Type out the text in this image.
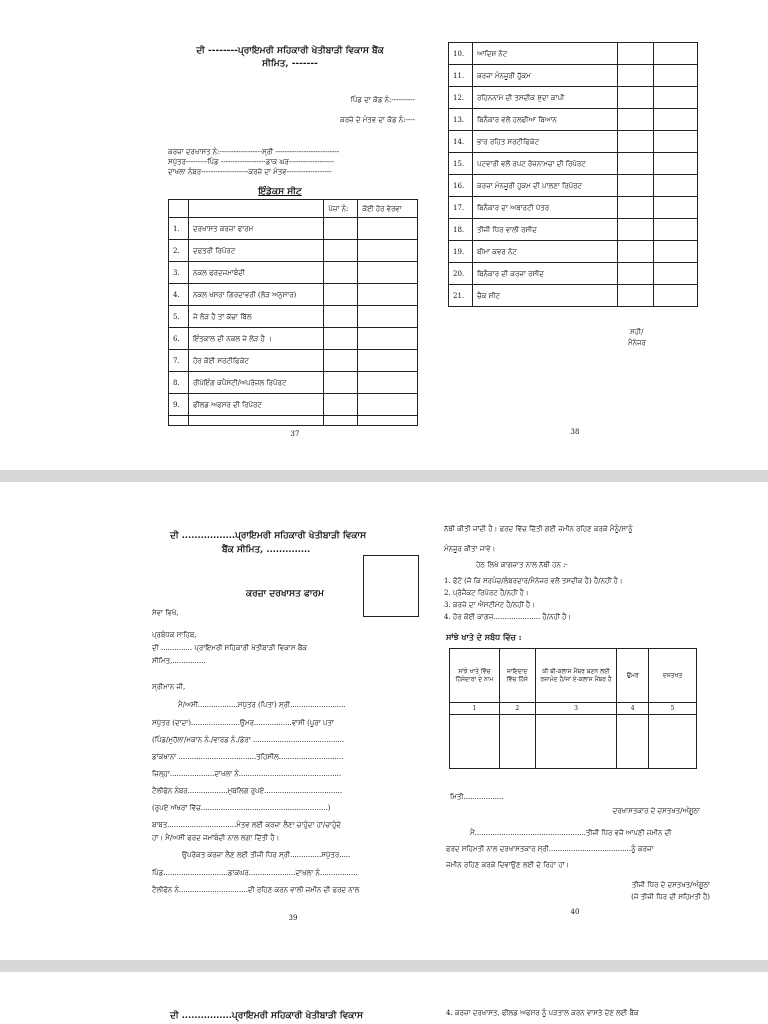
ਦੀ --------ਪ੍ਰਾਇਮਰੀ ਸਹਿਕਾਰੀ ਖੇਤੀਬਾੜੀ ਵਿਕਾਸ ਬੈਂਕ
ਸੀਮਿਤ, -------
ਪਿੰਡ ਦਾ ਕੋਡ ਨੰ:----------
ਕਰਜ਼ੇ ਦੇ ਮੰਤਵ ਦਾ ਕੋਡ ਨੰ:----
ਕਰਜ਼ਾ ਦਰਖਾਸਤ ਨੰ:------------------ਸ੍ਰੀ ---------------------------
ਸਪੁੱਤਰ---------ਪਿੰਡ -------------------ਡਾਕ ਘਰ-------------------
ਦਾਖਲਾ ਨੰਬਰ--------------------ਕਰਜ਼ੇ ਦਾ ਮੰਤਵ-------------------
ਇੰਡੇਕਸ ਸੀਟ
		ਪੇਜ਼ਾ ਨੰ:	ਕੋਈ ਹੋਰ ਵੇਰਵਾ
1.	ਦਰਖਾਸਤ ਕਰਜ਼ਾ ਫਾਰਮ		
2.	ਦਫਤਰੀ ਰਿਪੋਰਟ		
3.	ਨਕਲ ਫਰਦਜਮਾਬੰਦੀ		
4.	ਨਕਲ ਖਸਰਾ ਗਿਰਦਾਵਰੀ (ਲੋੜ ਅਨੁਸਾਰ)		
5.	ਜੇ ਲੋੜ ਹੈ ਤਾਂ ਕੱਚਾ ਬਿੱਲ		
6.	ਇੰਤਕਾਲ ਦੀ ਨਕਲ ਜੇ ਲੋੜ ਹੈ ।		
7.	ਹੋਰ ਕੋਈ ਸਰਟੀਫਿਕੇਟ		
8.	ਰੀਪੇਇੰਗ ਕਪੈਸਟੀ/ਅਪਰੇਜ਼ਲ ਰਿਪੋਰਟ		
9.	ਫੀਲਡ ਅਫਸਰ ਦੀ ਰਿਪੋਰਟ		

37
10.	ਆਦਿਸ਼ ਨੋਟ		
11.	ਕਰਜ਼ਾ ਮੰਨਜ਼ੂਰੀ ਹੁੱਕਮ		
12.	ਰਹਿਨਨਾਮੇ ਦੀ ਤਸਦੀਕ ਸ਼ੁਦਾ ਕਾਪੀ		
13.	ਬਿਨੈਕਾਰ ਵਲੋਂ ਹਲਫੀਆ ਬਿਆਨ		
14.	ਭਾਰ ਰਹਿਤ ਸਰਟੀਫਿਕੇਟ		
15.	ਪਟਵਾਰੀ ਵਲੋਂ ਰਪਟ ਰੋਜ਼ਨਾਮਚਾ ਦੀ ਰਿਪੋਰਟ		
16.	ਕਰਜ਼ਾ ਮੰਨਜ਼ੂਰੀ ਹੁਕਮ ਦੀ ਪਾਲਣਾ ਰਿਪੋਰਟ		
17.	ਬਿਨੈਕਾਰ ਦਾ ਅਥਾਰਟੀ ਪੱਤਰ		
18.	ਤੀਜੀ ਧਿਰ ਵਾਲੀ ਰਸੀਦ		
19.	ਬੀਮਾ ਕਵਰ ਨੋਟ		
20.	ਬਿਨੈਕਾਰ ਦੀ ਕਰਜ਼ਾ ਰਸੀਦ		
21.	ਚੈਕ ਸ਼ੀਟ		
ਸਹੀ/
ਮੈਨੇਜਰ
38
ਦੀ .................ਪ੍ਰਾਇਮਰੀ ਸਹਿਕਾਰੀ ਖੇਤੀਬਾੜੀ ਵਿਕਾਸ
ਬੈਂਕ ਸੀਮਿਤ, ..............
ਕਰਜ਼ਾ ਦਰਖਾਸਤ ਫਾਰਮ
ਸੇਵਾ ਵਿਖੇ,
ਪ੍ਰਬੰਧਕ ਸਾਹਿਬ,
ਦੀ .............. ਪ੍ਰਾਇਮਰੀ ਸਹਿਕਾਰੀ ਖੇਤੀਬਾੜੀ ਵਿਕਾਸ ਬੈਂਕ
ਸੀਮਿਤ,...............
ਸ੍ਰੀਮਾਨ ਜੀ,
ਮੈਂ/ਅਸੀਂ..................ਸਪੁੱਤਰ (ਪਿਤਾ) ਸ੍ਰੀ.........................
ਸਪੁੱਤਰ (ਦਾਦਾ)......................ਉਮਰ.................ਵਾਸੀ (ਪੂਰਾ ਪਤਾ
(ਪਿੰਡ/ਮੁਹੱਲਾ/ਮਕਾਨ ਨੰ./ਵਾਰਡ ਨੰ./ਡੇਰਾ .........................................
ਡਾਕਖਾਨਾ ...................................ਤਹਿਸੀਲ.............................
ਜ਼ਿਲ੍ਹਾ....................ਦਾਖਲਾ ਨੰ..............................................
ਟੈਲੀਫੋਨ ਨੰਬਰ..................ਮੁਬਲਿਗ ਰੁਪਏ...................................
(ਰੁਪਏ ਅੱਖਰਾਂ ਵਿੱਚ.........................................................)
ਬਾਬਤ...............................ਮੰਤਵ ਲਈ ਕਰਜ਼ਾ ਲੈਣਾ ਚਾਹੁੰਦਾ ਹਾਂ/ਚਾਹੁੰਦੇ
ਹਾਂ। ਮੈਂ/ਅਸੀਂ ਫਰਦ ਜਮਾਂਬੰਦੀ ਨਾਲ ਲਗਾ ਦਿੱਤੀ ਹੈ।
ਉਪਰੋਕਤ ਕਰਜ਼ਾ ਲੈਣ ਲਈ ਤੀਜੀ ਧਿਰ ਸ੍ਰੀ..............ਸਪੁੱਤਰ.....
ਪਿੰਡ.............................ਡਾਕਘਰ.....................ਦਾਖਲਾ ਨੰ.................
ਟੈਲੀਫੋਨ ਨੰ...............................ਦੀ ਰਹਿਣ ਕਰਨ ਵਾਲੀ ਜ਼ਮੀਨ ਦੀ ਫਰਦ ਨਾਲ
39
ਨੱਥੀ ਕੀਤੀ ਜਾਂਦੀ ਹੈ। ਫਰਦ ਵਿੱਚ ਦਿੱਤੀ ਗਈ ਜ਼ਮੀਨ ਰਹਿਣ ਕਰਕੇ ਮੈਨੂੰ/ਸਾਨੂੰ
ਮੰਨਜ਼ੂਰ ਕੀਤਾ ਜਾਵੇ।
ਹੇਠ ਲਿਖੇ ਕਾਗਜ਼ਾਤ ਨਾਲ ਨੱਥੀ ਹਨ :-
1. ਫੋਟੋ (ਜੋ ਕਿ ਸਰਪੰਚ/ਲੰਬਰਦਾਰ/ਮੈਨੇਜਰ ਵਲੋਂ ਤਸਦੀਕ ਹੈ) ਹੈ/ਨਹੀਂ ਹੈ।
2. ਪ੍ਰੋਜੈਕਟ ਰਿਪੋਰਟ ਹੈ/ਨਹੀਂ ਹੈ।
3. ਕਰਜ਼ੇ ਦਾ ਐਸਟੀਮੇਟ ਹੈ/ਨਹੀਂ ਹੈ।
4. ਹੋਰ ਕੋਈ ਕਾਗਜ਼..................... ਹੈ/ਨਹੀਂ ਹੈ।
ਸਾਂਝੇ ਖਾਤੇ ਦੇ ਸਬੰਧ ਵਿੱਚ :
ਸਾਂਝੇ ਖਾਤੇ ਵਿੱਚ ਹਿੱਸੇਦਾਰਾਂ ਦੇ ਨਾਮ	ਜਾਇਦਾਦ ਵਿੱਚ ਹਿੱਸੇ	ਕੀ ਬੀ-ਕਲਾਸ ਮੈਂਬਰ ਬਣਨ ਲਈ ਰਜ਼ਾਮੰਦ ਹੈ/ਜਾਂ ਏ-ਕਲਾਸ ਮੈਂਬਰ ਹੈ	ਉਮਰ	ਦਸਤਖਤ
1	2	3	4	5

ਮਿਤੀ..................
ਦਰਖਾਸਤਕਾਰ ਦੇ ਦਸਤਖਤ/ਅੰਗੂਠਾ
ਮੈਂ..................................................ਤੀਜੀ ਧਿਰ ਵਜੋਂ ਆਪਣੀ ਜ਼ਮੀਨ ਦੀ
ਫਰਦ ਸਹਿਮਤੀ ਨਾਲ ਦਰਖਾਸਤਕਾਰ ਸ੍ਰੀ.....................................ਨੂੰ ਕਰਜ਼ਾ
ਜ਼ਮੀਨ ਰਹਿਣ ਕਰਕੇ ਦਿਵਾਉਣ ਲਈ ਦੇ ਰਿਹਾ ਹਾਂ।
ਤੀਜੀ ਧਿਰ ਦੇ ਦਸਤਖਤ/ਅੰਗੂਠਾ
(ਜੇ ਤੀਜੀ ਧਿਰ ਦੀ ਸਹਿਮਤੀ ਹੈ)
40
ਦੀ ................ਪ੍ਰਾਇਮਰੀ ਸਹਿਕਾਰੀ ਖੇਤੀਬਾੜੀ ਵਿਕਾਸ	4. ਕਰਜ਼ਾ ਦਰਖਾਸਤ, ਫੀਲਡ ਅਫਸਰ ਨੂੰ ਪੜਤਾਲ ਕਰਨ ਵਾਸਤੇ ਦੇਣ ਲਈ ਬੈਂਕ
